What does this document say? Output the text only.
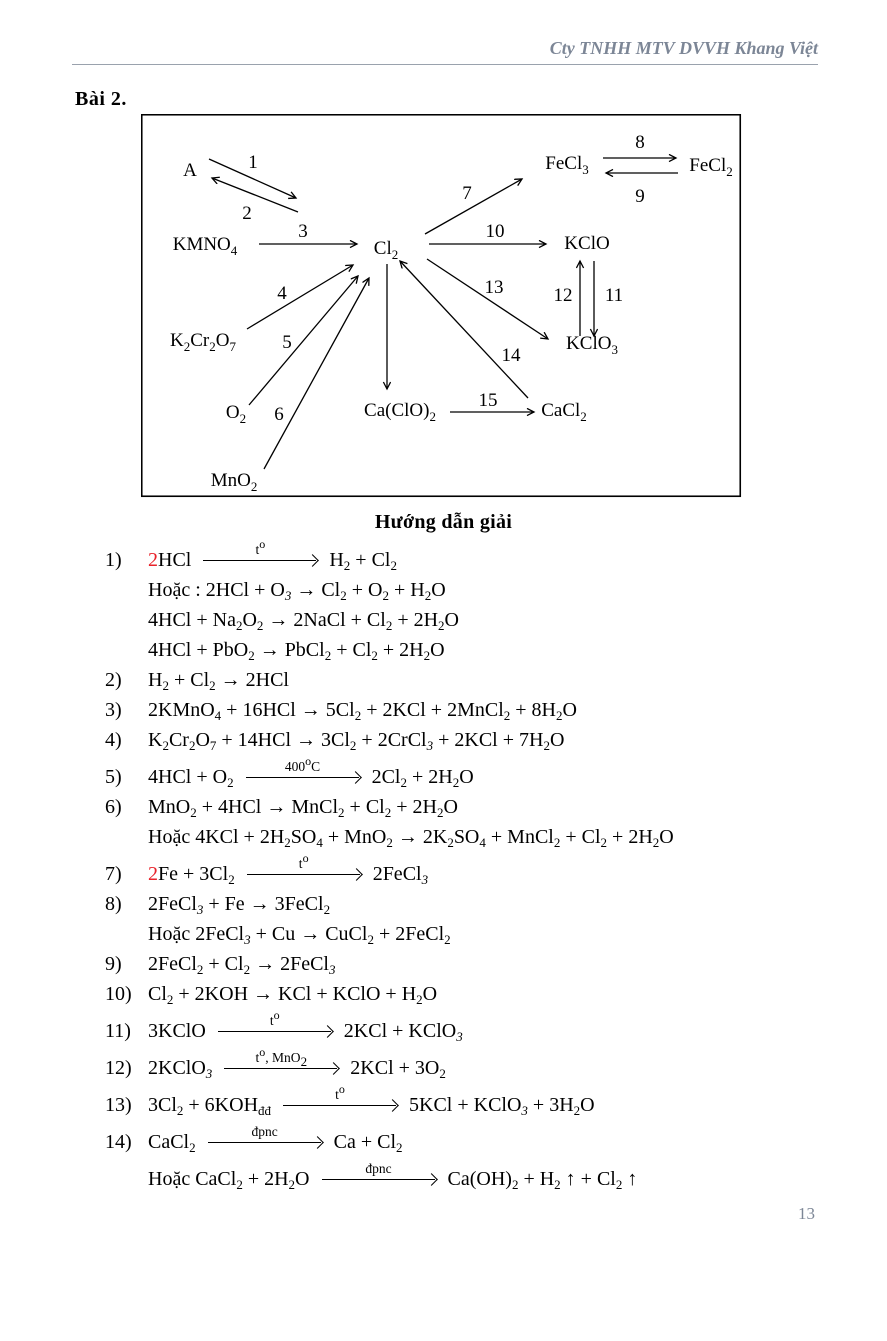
Cty TNHH MTV DVVH Khang Việt
Bài 2.
1
2
3
4
5
6
7
8
9
10
11
12
13
14
15
A
$KMNO_4$	$Cl_2$
FeCl$_3$	FeCl$_2$
KClO
KClO$_3$
$K_2Cr_2O_7$
$O_2$
MnO$_2$
$Ca(ClO)_2$	CaCl$_2$
Hướng dẫn giải
1)	2HCl	$t^o$
$H_2 + Cl_2$
Hoặc : $2HCl + O_3 \to Cl_2 + O_2 + H_2O$
$4HCl + Na_2O_2$ → 2NaCl + $Cl_2 + 2H_2O$
4HCl + PbO$_2$ → PbCl$_2$ + $Cl_2 + 2H_2O$
2)	$H_2 + Cl_2 \to 2HCl$
3)	2KMnO$_4$ + $16HCl \to 5Cl_2 + 2KCl$ + 2MnCl$_2$ + $8H_2O$
4)	$K_2Cr_2O_7 + 14HCl \to 3Cl_2$ + 2CrCl$_3$ + $2KCl + 7H_2O$
5)	$4HCl + O_2$
400$^o$C	$2Cl_2 + 2H_2O$
6)	MnO$_2$ + 4HCl → MnCl$_2$ + $Cl_2 + 2H_2O$
Hoặc $4KCl + 2H_2SO_4 + MnO_2 \to 2K_2SO_4$ + MnCl$_2$ + $Cl_2 + 2H_2O$
7)	$2Fe + 3Cl_2$
$t^o$
2FeCl$_3$
8)	2FeCl$_3$ + Fe → 3FeCl$_2$
Hoặc 2FeCl$_3$ + Cu → CuCl$_2$ + 2FeCl$_2$
9)	2FeCl$_2$ + $Cl_2$ → 2FeCl$_3$
10) $Cl_2 + 2KOH$ → KCl + KClO + $H_2O$
11) 3KClO	$t^o$
2KCl + KClO$_3$
12) 2KClO$_3$
$t^o$, MnO$_2$	$2KCl + 3O_2$
13) $3Cl_2 + 6KOH_{đđ}$
$t^o$
5KCl + KClO$_3$ + $3H_2O$
14) CaCl$_2$
đpnc	$Ca + Cl_2$
Hoặc CaCl$_2$ + $2H_2O$	đpnc	$Ca(OH)_2 + H_2$ ↑ + $Cl_2$ ↑
13
